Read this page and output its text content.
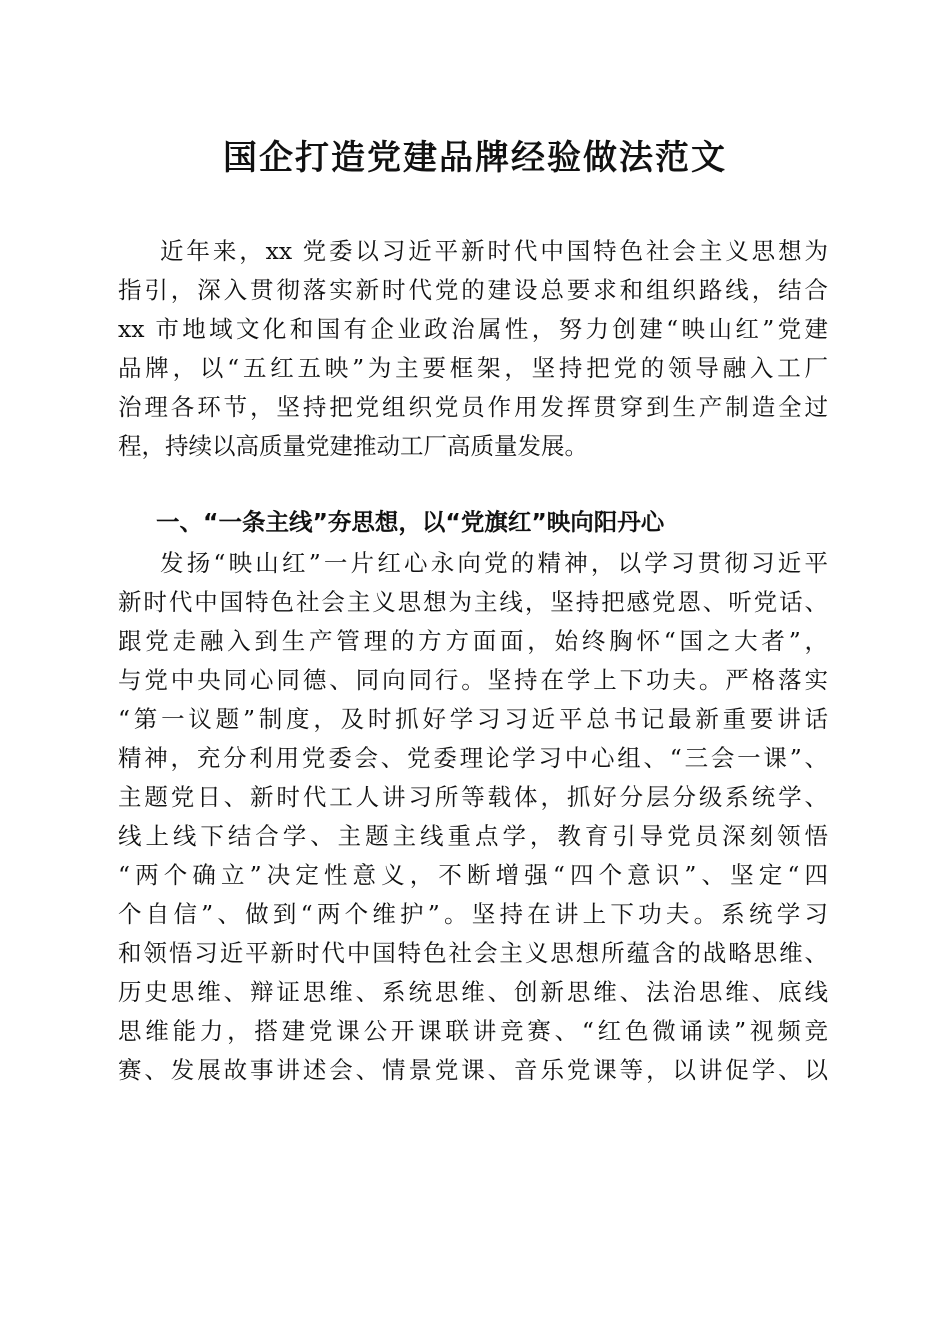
国企打造党建品牌经验做法范文
近年来，xx 党委以习近平新时代中国特色社会主义思想为
指引，深入贯彻落实新时代党的建设总要求和组织路线，结合
xx 市地域文化和国有企业政治属性，努力创建“映山红”党建
品牌，以“五红五映”为主要框架，坚持把党的领导融入工厂
治理各环节，坚持把党组织党员作用发挥贯穿到生产制造全过
程，持续以高质量党建推动工厂高质量发展。
一、“一条主线”夯思想，以“党旗红”映向阳丹心
发扬“映山红”一片红心永向党的精神，以学习贯彻习近平
新时代中国特色社会主义思想为主线，坚持把感党恩、听党话、
跟党走融入到生产管理的方方面面，始终胸怀“国之大者”，
与党中央同心同德、同向同行。坚持在学上下功夫。严格落实
“第一议题”制度，及时抓好学习习近平总书记最新重要讲话
精神，充分利用党委会、党委理论学习中心组、“三会一课”、
主题党日、新时代工人讲习所等载体，抓好分层分级系统学、
线上线下结合学、主题主线重点学，教育引导党员深刻领悟
“两个确立”决定性意义，不断增强“四个意识”、坚定“四
个自信”、做到“两个维护”。坚持在讲上下功夫。系统学习
和领悟习近平新时代中国特色社会主义思想所蕴含的战略思维、
历史思维、辩证思维、系统思维、创新思维、法治思维、底线
思维能力，搭建党课公开课联讲竞赛、“红色微诵读”视频竞
赛、发展故事讲述会、情景党课、音乐党课等，以讲促学、以
